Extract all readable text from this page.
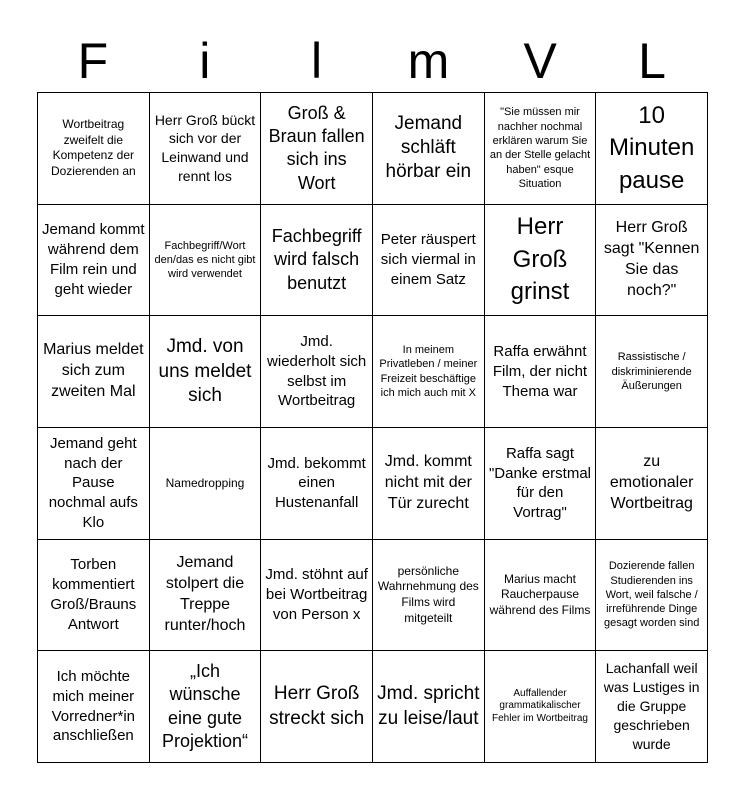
F	i	l	m	V	L
Wortbeitrag zweifelt die Kompetenz der Dozierenden an
Herr Groß bückt sich vor der Leinwand und rennt los
Groß & Braun fallen sich ins Wort
Jemand schläft hörbar ein
"Sie müssen mir nachher nochmal erklären warum Sie an der Stelle gelacht haben" esque Situation
10 Minuten pause
Jemand kommt während dem Film rein und geht wieder
Fachbegriff/Wort den/das es nicht gibt wird verwendet
Fachbegriff wird falsch benutzt
Peter räuspert sich viermal in einem Satz
Herr Groß grinst
Herr Groß sagt "Kennen Sie das noch?"
Marius meldet sich zum zweiten Mal
Jmd. von uns meldet sich
Jmd. wiederholt sich selbst im Wortbeitrag
In meinem Privatleben / meiner Freizeit beschäftige ich mich auch mit X
Raffa erwähnt Film, der nicht Thema war
Rassistische / diskriminierende Äußerungen
Jemand geht nach der Pause nochmal aufs Klo
Namedropping
Jmd. bekommt einen Hustenanfall
Jmd. kommt nicht mit der Tür zurecht
Raffa sagt "Danke erstmal für den Vortrag"
zu emotionaler Wortbeitrag
Torben kommentiert Groß/Brauns Antwort
Jemand stolpert die Treppe runter/hoch
Jmd. stöhnt auf bei Wortbeitrag von Person x
persönliche Wahrnehmung des Films wird mitgeteilt
Marius macht Raucherpause während des Films
Dozierende fallen Studierenden ins Wort, weil falsche / irreführende Dinge gesagt worden sind
Ich möchte mich meiner Vorredner*in anschließen
„Ich wünsche eine gute Projektion“
Herr Groß streckt sich
Jmd. spricht zu leise/laut
Auffallender grammatikalischer Fehler im Wortbeitrag
Lachanfall weil was Lustiges in die Gruppe geschrieben wurde
